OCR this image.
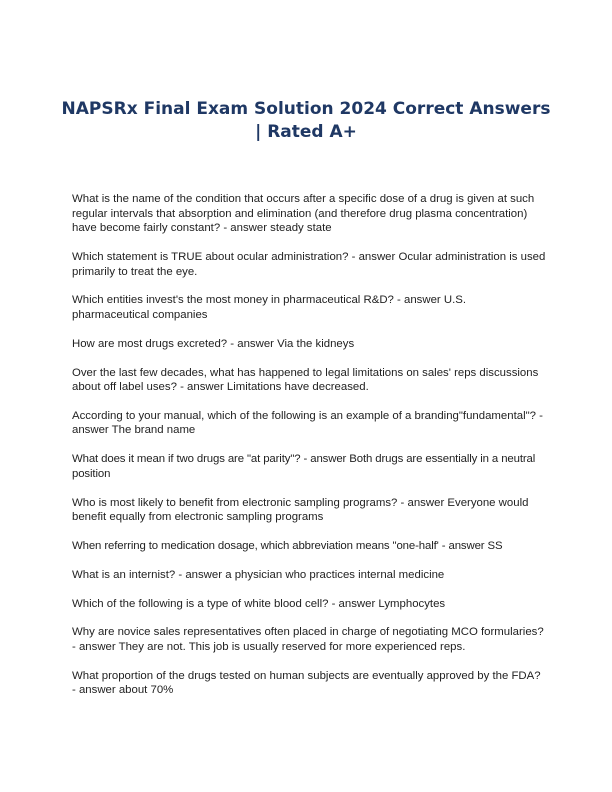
NAPSRx Final Exam Solution 2024 Correct Answers | Rated A+

What is the name of the condition that occurs after a specific dose of a drug is given at such regular intervals that absorption and elimination (and therefore drug plasma concentration) have become fairly constant? - answer steady state

Which statement is TRUE about ocular administration? - answer Ocular administration is used primarily to treat the eye.

Which entities invest's the most money in pharmaceutical R&D? - answer U.S. pharmaceutical companies

How are most drugs excreted? - answer Via the kidneys

Over the last few decades, what has happened to legal limitations on sales' reps discussions about off label uses? - answer Limitations have decreased.

According to your manual, which of the following is an example of a branding"fundamental"? - answer The brand name

What does it mean if two drugs are "at parity"? - answer Both drugs are essentially in a neutral position

Who is most likely to benefit from electronic sampling programs? - answer Everyone would benefit equally from electronic sampling programs

When referring to medication dosage, which abbreviation means "one-half' - answer SS

What is an internist? - answer a physician who practices internal medicine

Which of the following is a type of white blood cell? - answer Lymphocytes

Why are novice sales representatives often placed in charge of negotiating MCO formularies? - answer They are not. This job is usually reserved for more experienced reps.

What proportion of the drugs tested on human subjects are eventually approved by the FDA? - answer about 70%
